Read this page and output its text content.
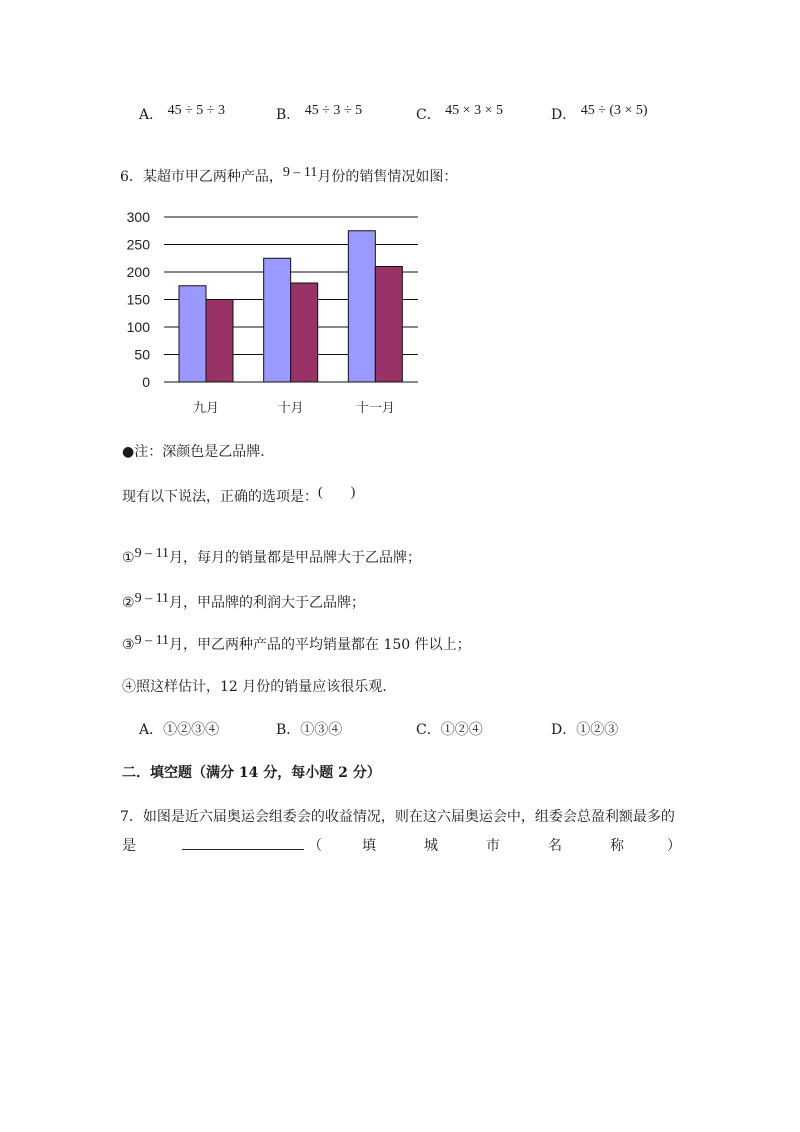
A． 45 ÷ 5 ÷ 3	B． 45 ÷ 3 ÷ 5	C． 45 × 3 × 5	D． 45 ÷ (3 × 5)
6．某超市甲乙两种产品，9 – 11月份的销售情况如图：
0
50
100
150
200
250
300
九月	十月	十一月
●注：深颜色是乙品牌.
现有以下说法，正确的选项是：(　　)
①9 – 11月，每月的销量都是甲品牌大于乙品牌；
②9 – 11月，甲品牌的利润大于乙品牌；
③9 – 11月，甲乙两种产品的平均销量都在 150 件以上；
④照这样估计，12 月份的销量应该很乐观.
A．①②③④	B．①③④	C．①②④	D．①②③
二．填空题（满分 14 分，每小题 2 分）
7．如图是近六届奥运会组委会的收益情况，则在这六届奥运会中，组委会总盈利额最多的
是	（	填	城	市	名	称	）
